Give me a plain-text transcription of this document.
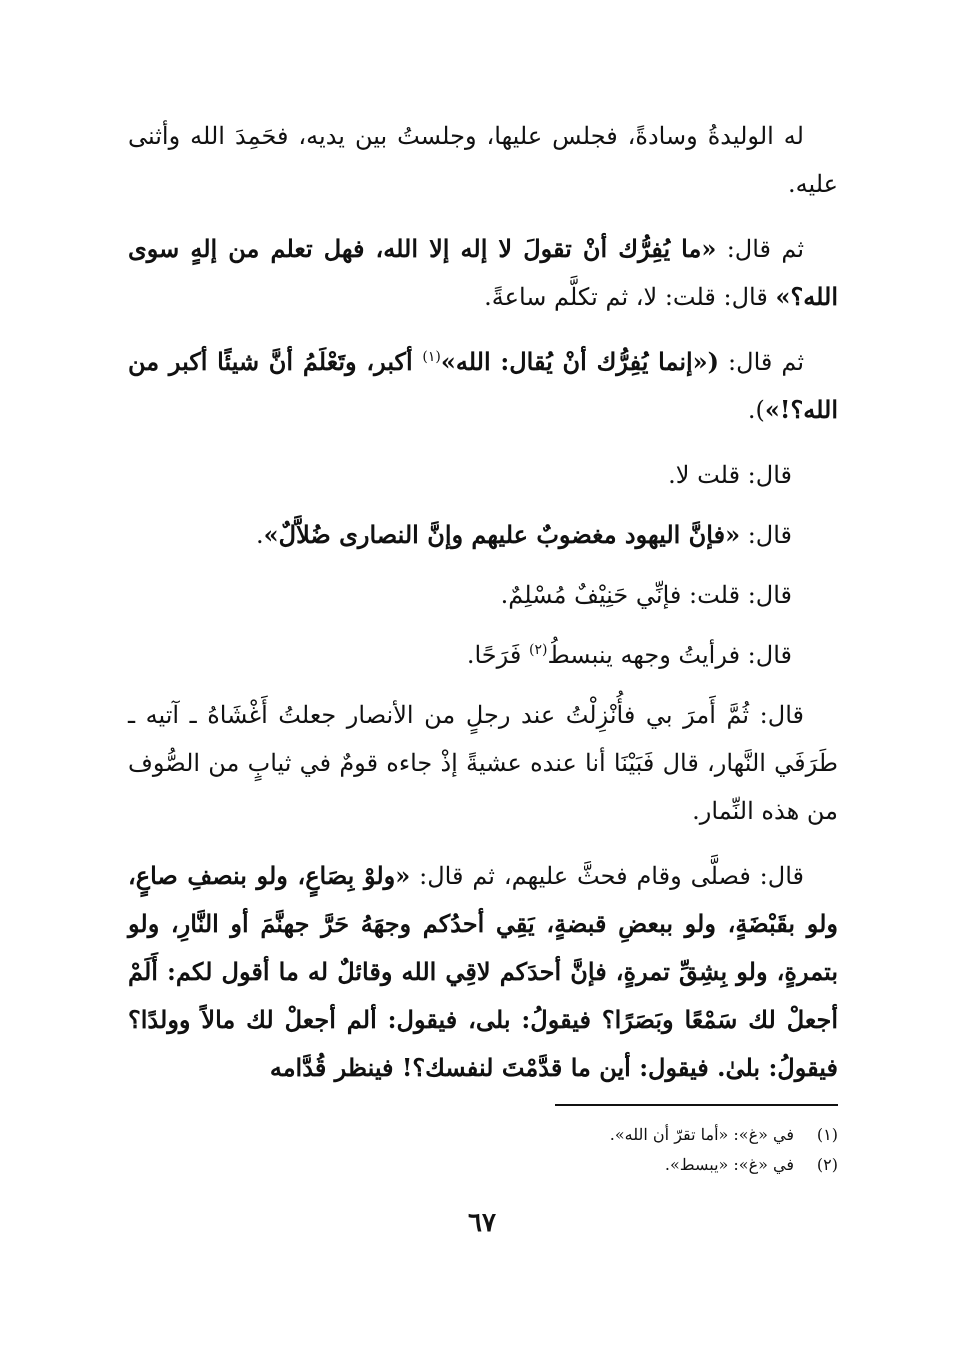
له الوليدةُ وسادةً، فجلس عليها، وجلستُ بين يديه، فحَمِدَ الله وأثنى عليه.

ثم قال: «ما يُفِرُّك أنْ تقولَ لا إله إلا الله، فهل تعلم من إلهٍ سوى الله؟» قال: قلت: لا، ثم تكلَّم ساعةً.

ثم قال: («إنما يُفِرُّك أنْ يُقال: الله»$^{(١)}$ أكبر، وتَعْلَمُ أنَّ شيئًا أكبر من الله؟!»).

قال: قلت لا.

قال: «فإنَّ اليهود مغضوبٌ عليهم وإنَّ النصارى ضُلاَّلٌ».

قال: قلت: فإنِّي حَنِيْفٌ مُسْلِمٌ.

قال: فرأيتُ وجهه ينبسطُ$^{(٢)}$ فَرَحًا.

قال: ثُمَّ أَمرَ بي فأُنْزِلْتُ عند رجلٍ من الأنصار جعلتُ أَغْشَاهُ ـ آتيه ـ طَرَفَي النَّهار، قال فَبَيْنَا أنا عنده عشيةً إذْ جاءه قومٌ في ثيابٍ من الصُّوف من هذه النِّمار.

قال: فصلَّى وقام فحثَّ عليهم، ثم قال: «ولوْ بِصَاعٍ، ولو بنصفِ صاعٍ، ولو بقَبْضَةٍ، ولو ببعضِ قبضةٍ، يَقِي أحدُكم وجهَهُ حَرَّ جهنَّمَ أو النَّارِ، ولو بتمرةٍ، ولو بِشِقِّ تمرةٍ، فإنَّ أحدَكم لاقِي الله وقائلٌ له ما أقول لكم: أَلَمْ أجعلْ لك سَمْعًا وبَصَرًا؟ فيقولُ: بلى، فيقول: ألم أجعلْ لك مالاً وولدًا؟ فيقولُ: بلىٰ. فيقول: أين ما قدَّمْتَ لنفسك؟! فينظر قُدَّامه

(١)في «غ»: «أما تقرّ أن الله».
(٢)في «غ»: «يبسط».
٦٧
